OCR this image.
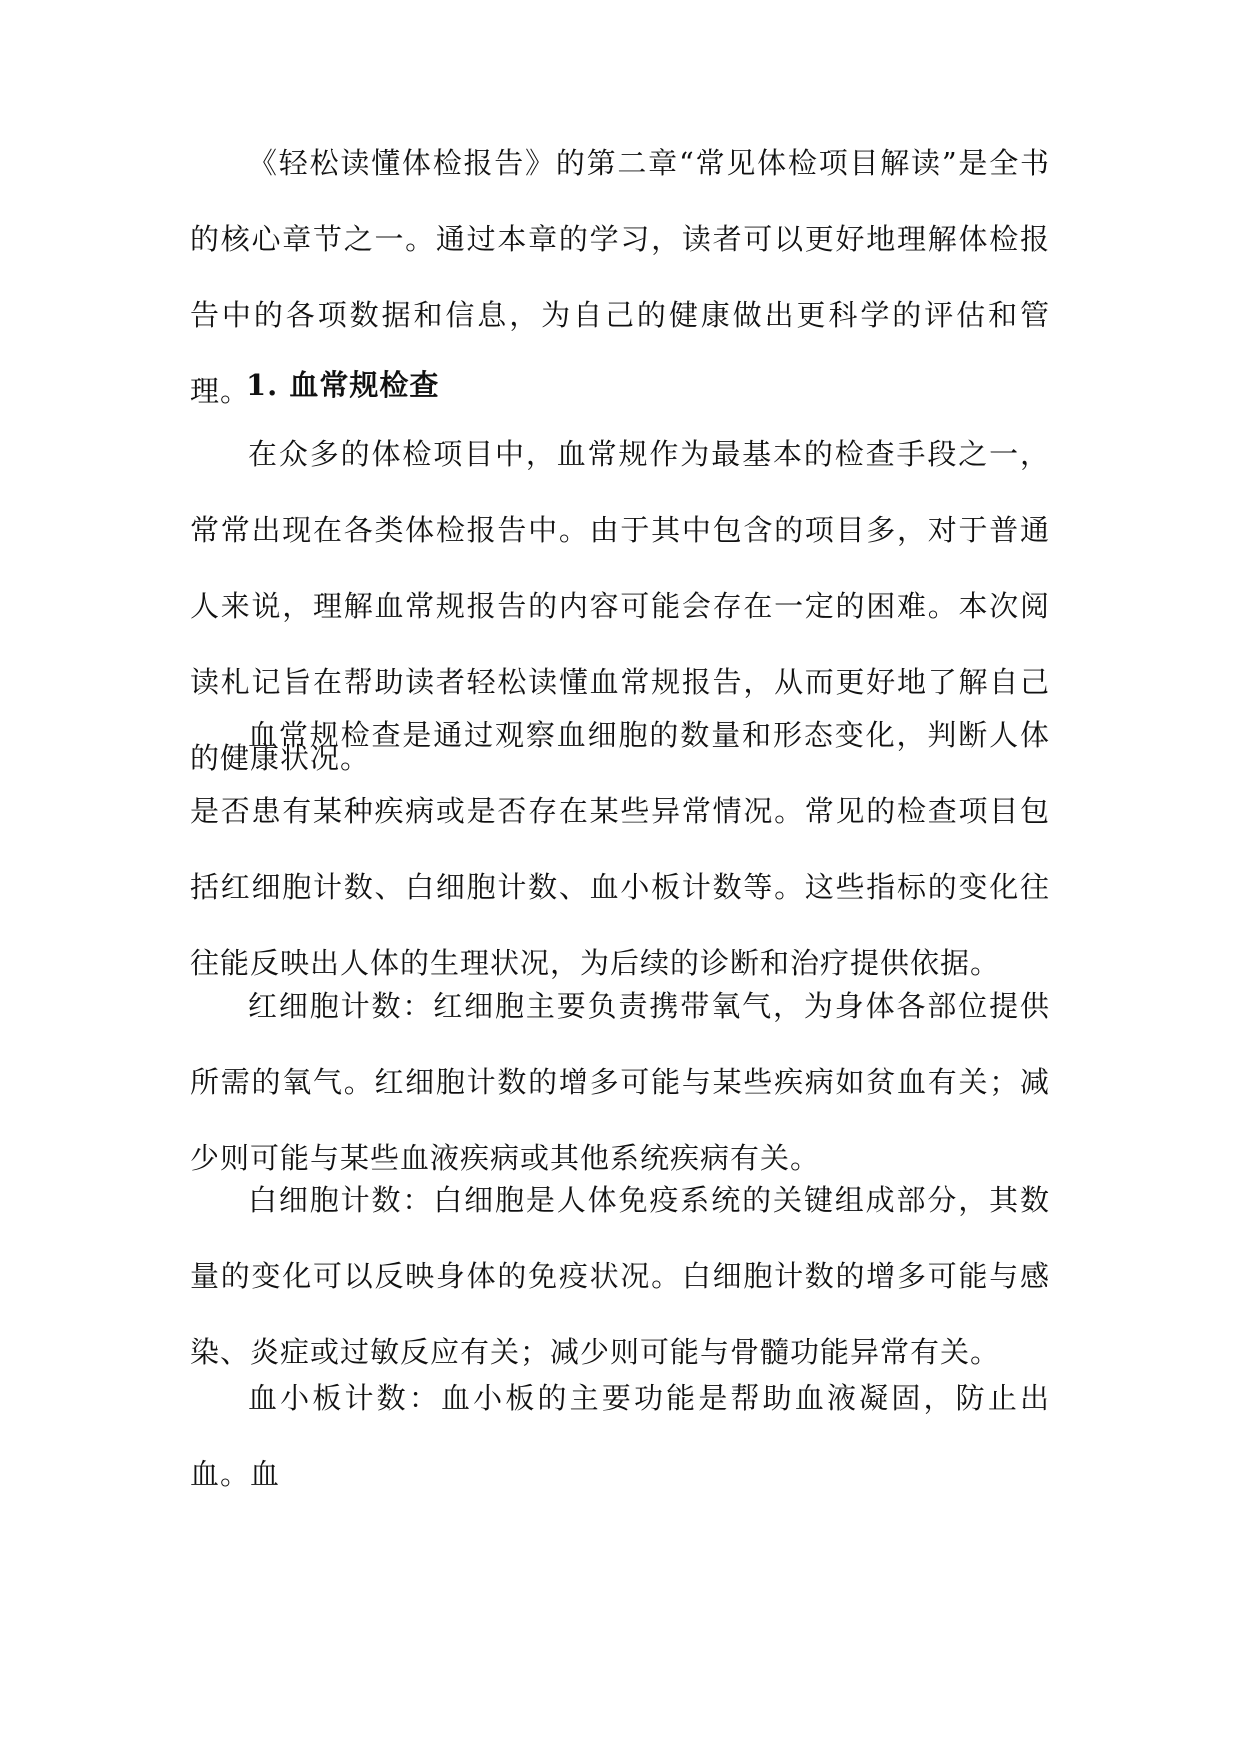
《轻松读懂体检报告》的第二章“常见体检项目解读”是全书的核心章节之一。通过本章的学习，读者可以更好地理解体检报告中的各项数据和信息，为自己的健康做出更科学的评估和管理。

1. 血常规检查

在众多的体检项目中，血常规作为最基本的检查手段之一，常常出现在各类体检报告中。由于其中包含的项目多，对于普通人来说，理解血常规报告的内容可能会存在一定的困难。本次阅读札记旨在帮助读者轻松读懂血常规报告，从而更好地了解自己的健康状况。

血常规检查是通过观察血细胞的数量和形态变化，判断人体是否患有某种疾病或是否存在某些异常情况。常见的检查项目包括红细胞计数、白细胞计数、血小板计数等。这些指标的变化往往能反映出人体的生理状况，为后续的诊断和治疗提供依据。

红细胞计数：红细胞主要负责携带氧气，为身体各部位提供所需的氧气。红细胞计数的增多可能与某些疾病如贫血有关；减少则可能与某些血液疾病或其他系统疾病有关。

白细胞计数：白细胞是人体免疫系统的关键组成部分，其数量的变化可以反映身体的免疫状况。白细胞计数的增多可能与感染、炎症或过敏反应有关；减少则可能与骨髓功能异常有关。

血小板计数：血小板的主要功能是帮助血液凝固，防止出血。血
